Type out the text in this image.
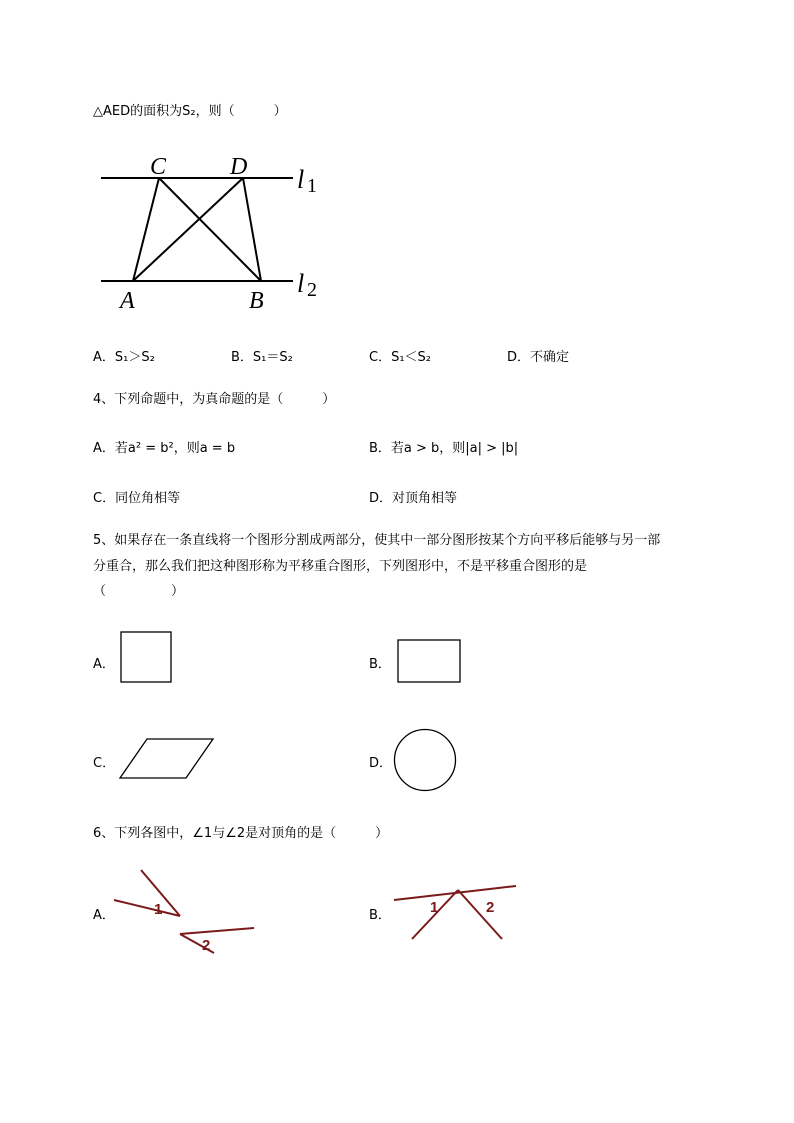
△AED的面积为S₂，则（　　　）
C	D
A	B
l 1
l 2
A．S₁＞S₂	B．S₁＝S₂	C．S₁＜S₂	D．不确定
4、下列命题中，为真命题的是（　　　）
A．若a² = b²，则a = b	B．若a > b，则|a| > |b|
C．同位角相等	D．对顶角相等
5、如果存在一条直线将一个图形分割成两部分，使其中一部分图形按某个方向平移后能够与另一部
分重合，那么我们把这种图形称为平移重合图形，下列图形中，不是平移重合图形的是
（　　　　　）
A．	B．
C．	D．
6、下列各图中，∠1与∠2是对顶角的是（　　　）
A．	1
2
B．	1	2
